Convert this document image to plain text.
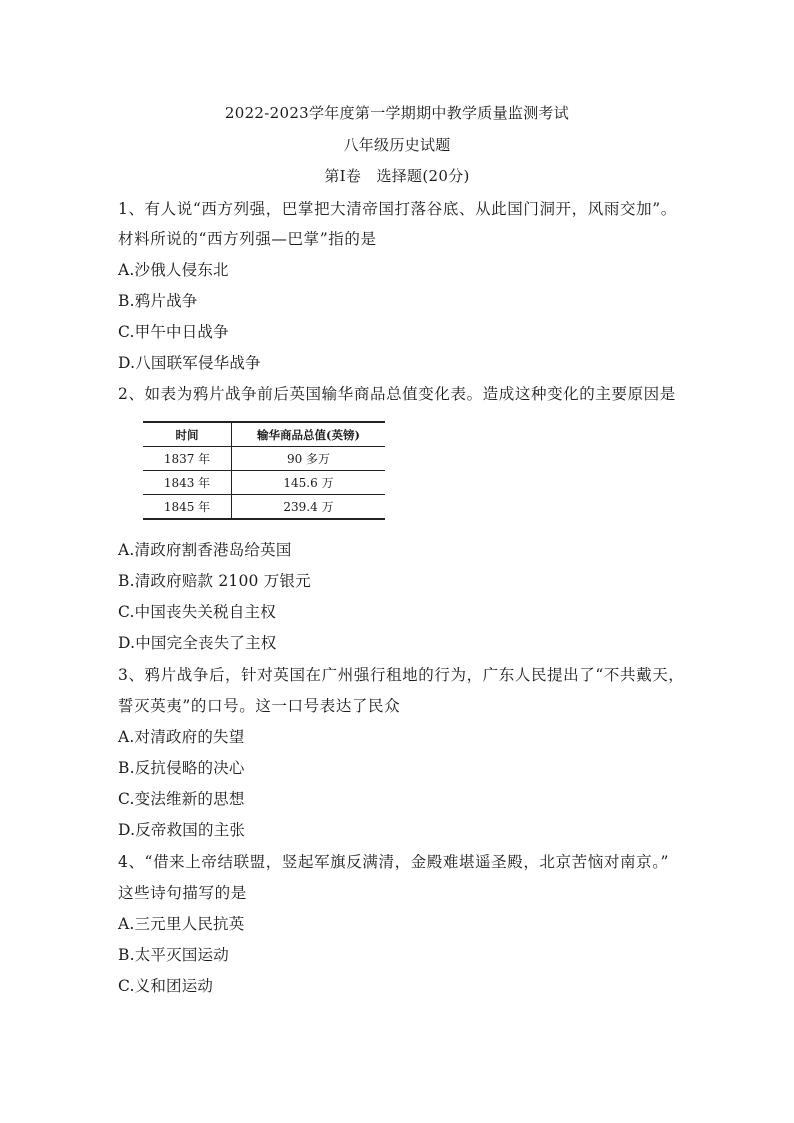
2022-2023学年度第一学期期中教学质量监测考试
八年级历史试题
第Ⅰ卷　选择题(20分)
1、有人说“西方列强，巴掌把大清帝国打落谷底、从此国门洞开，风雨交加”。
材料所说的“西方列强—巴掌”指的是
A.沙俄人侵东北
B.鸦片战争
C.甲午中日战争
D.八国联军侵华战争
2、如表为鸦片战争前后英国输华商品总值变化表。造成这种变化的主要原因是
时间	输华商品总值(英镑)
1837 年	90 多万
1843 年	145.6 万
1845 年	239.4 万
A.清政府割香港岛给英国
B.清政府赔款 2100 万银元
C.中国丧失关税自主权
D.中国完全丧失了主权
3、鸦片战争后，针对英国在广州强行租地的行为，广东人民提出了“不共戴天，
誓灭英夷”的口号。这一口号表达了民众
A.对清政府的失望
B.反抗侵略的决心
C.变法维新的思想
D.反帝救国的主张
4、“借来上帝结联盟，竖起军旗反满清，金殿难堪遥圣殿，北京苦恼对南京。”
这些诗句描写的是
A.三元里人民抗英
B.太平灭国运动
C.义和团运动
